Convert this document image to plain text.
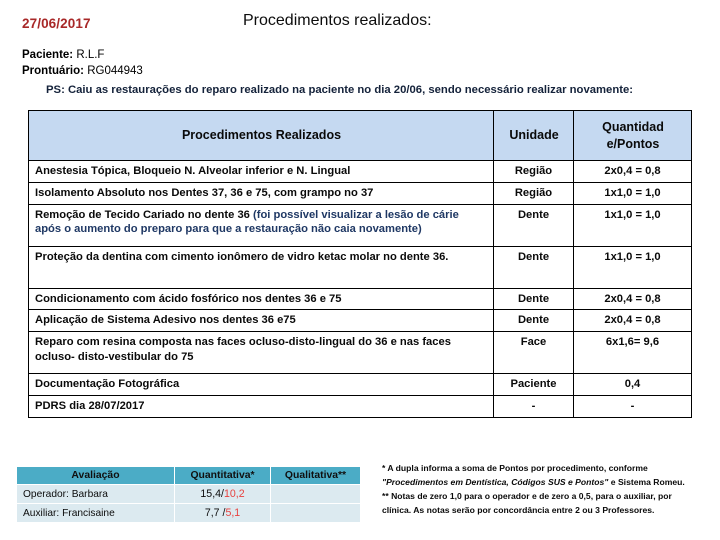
27/06/2017	Procedimentos realizados:
Paciente: R.L.F
Prontuário: RG044943
PS: Caiu as restaurações do reparo realizado na paciente no dia 20/06, sendo necessário realizar novamente:
Procedimentos Realizados	Unidade	Quantidad
e/Pontos
Anestesia Tópica, Bloqueio N. Alveolar inferior e N. Lingual	Região	2x0,4 = 0,8
Isolamento Absoluto nos Dentes 37, 36 e 75, com grampo no 37	Região	1x1,0 = 1,0
Remoção de Tecido Cariado no dente 36 (foi possível visualizar a lesão de cárie após o aumento do preparo para que a restauração não caia novamente)	Dente	1x1,0 = 1,0
Proteção da dentina com cimento ionômero de vidro ketac molar no dente 36.	Dente	1x1,0 = 1,0
Condicionamento com ácido fosfórico nos dentes 36 e 75	Dente	2x0,4 = 0,8
Aplicação de Sistema Adesivo nos dentes 36 e75	Dente	2x0,4 = 0,8
Reparo com resina composta nas faces ocluso-disto-lingual do 36 e nas faces ocluso- disto-vestibular do 75	Face	6x1,6= 9,6
Documentação Fotográfica	Paciente	0,4
PDRS dia 28/07/2017	-	-
Avaliação	Quantitativa*	Qualitativa**
Operador: Barbara	15,4/10,2	
Auxiliar: Francisaine	7,7 /5,1	

* A dupla informa a soma de Pontos por procedimento, conforme

"Procedimentos em Dentística, Códigos SUS e Pontos" e Sistema Romeu.

** Notas de zero 1,0 para o operador e de zero a 0,5, para o auxiliar, por

clínica. As notas serão por concordância entre 2 ou 3 Professores.
